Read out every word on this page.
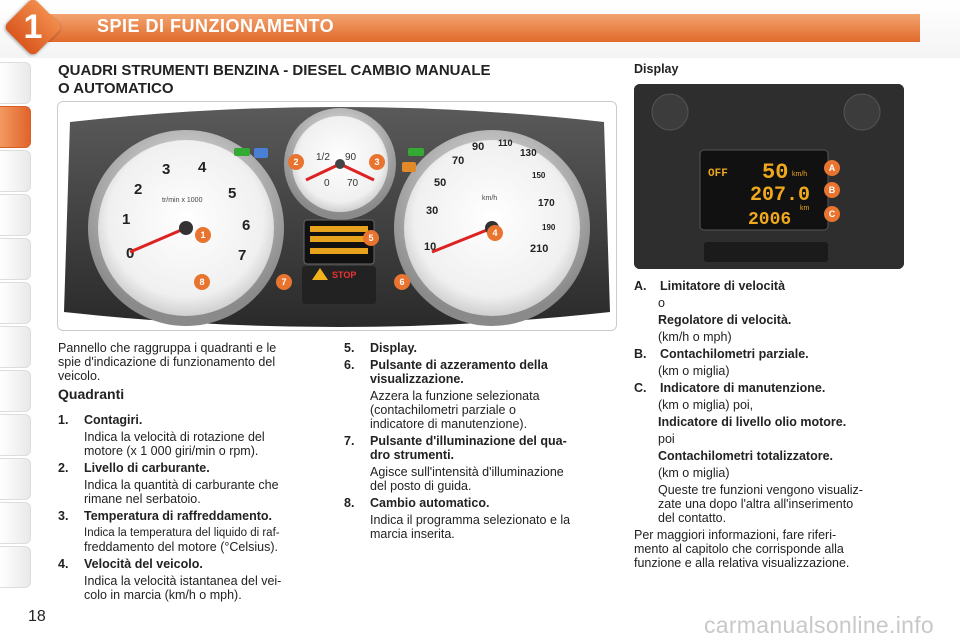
1	SPIE DI FUNZIONAMENTO
QUADRI STRUMENTI BENZINA - DIESEL CAMBIO MANUALE
O AUTOMATICO
Display
1/2
0
90
70
0
1
2
3 4
5
6
7
tr/min x 1000
10
30
50
70
90 110
130
150
170
190
210
km/h
STOP
1
2	3
4
5
6
7
8
OFF 50 km/h
207.0
2006
km
A
B
C
Pannello che raggruppa i quadranti e le
spie d'indicazione di funzionamento del
veicolo.
Quadranti
1. Contagiri.
Indica la velocità di rotazione del
motore (x 1 000 giri/min o rpm).
2. Livello di carburante.
Indica la quantità di carburante che
rimane nel serbatoio.
3. Temperatura di raffreddamento.
Indica la temperatura del liquido di raf-
freddamento del motore (°Celsius).
4. Velocità del veicolo.
Indica la velocità istantanea del vei-
colo in marcia (km/h o mph).
5. Display.
6. Pulsante di azzeramento della
visualizzazione.
Azzera la funzione selezionata
(contachilometri parziale o
indicatore di manutenzione).
7. Pulsante d'illuminazione del qua-
dro strumenti.
Agisce sull'intensità d'illuminazione
del posto di guida.
8. Cambio automatico.
Indica il programma selezionato e la
marcia inserita.
A. Limitatore di velocità
o
Regolatore di velocità.
(km/h o mph)
B. Contachilometri parziale.
(km o miglia)
C. Indicatore di manutenzione.
(km o miglia) poi,
Indicatore di livello olio motore.
poi
Contachilometri totalizzatore.
(km o miglia)
Queste tre funzioni vengono visualiz-
zate una dopo l'altra all'inserimento
del contatto.
Per maggiori informazioni, fare riferi-
mento al capitolo che corrisponde alla
funzione e alla relativa visualizzazione.
18	carmanualsonline.info
